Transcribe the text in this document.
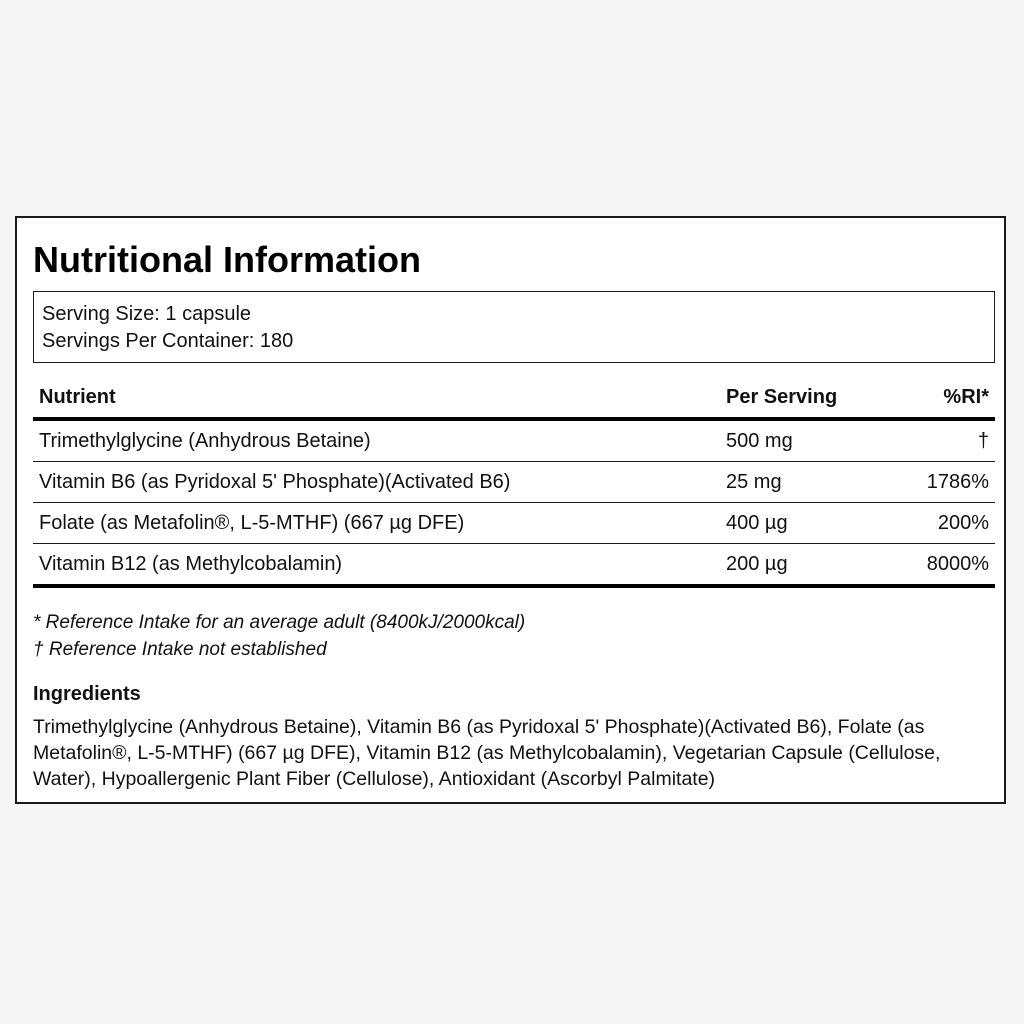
Nutritional Information
Serving Size: 1 capsule
Servings Per Container: 180
Nutrient	Per Serving	%RI*
Trimethylglycine (Anhydrous Betaine)	500 mg	†
Vitamin B6 (as Pyridoxal 5' Phosphate)(Activated B6)	25 mg	1786%
Folate (as Metafolin®, L-5-MTHF) (667 µg DFE)	400 µg	200%
Vitamin B12 (as Methylcobalamin)	200 µg	8000%
* Reference Intake for an average adult (8400kJ/2000kcal)
† Reference Intake not established
Ingredients

Trimethylglycine (Anhydrous Betaine), Vitamin B6 (as Pyridoxal 5' Phosphate)(Activated B6), Folate (as Metafolin®, L-5-MTHF) (667 µg DFE), Vitamin B12 (as Methylcobalamin), Vegetarian Capsule (Cellulose, Water), Hypoallergenic Plant Fiber (Cellulose), Antioxidant (Ascorbyl Palmitate)
